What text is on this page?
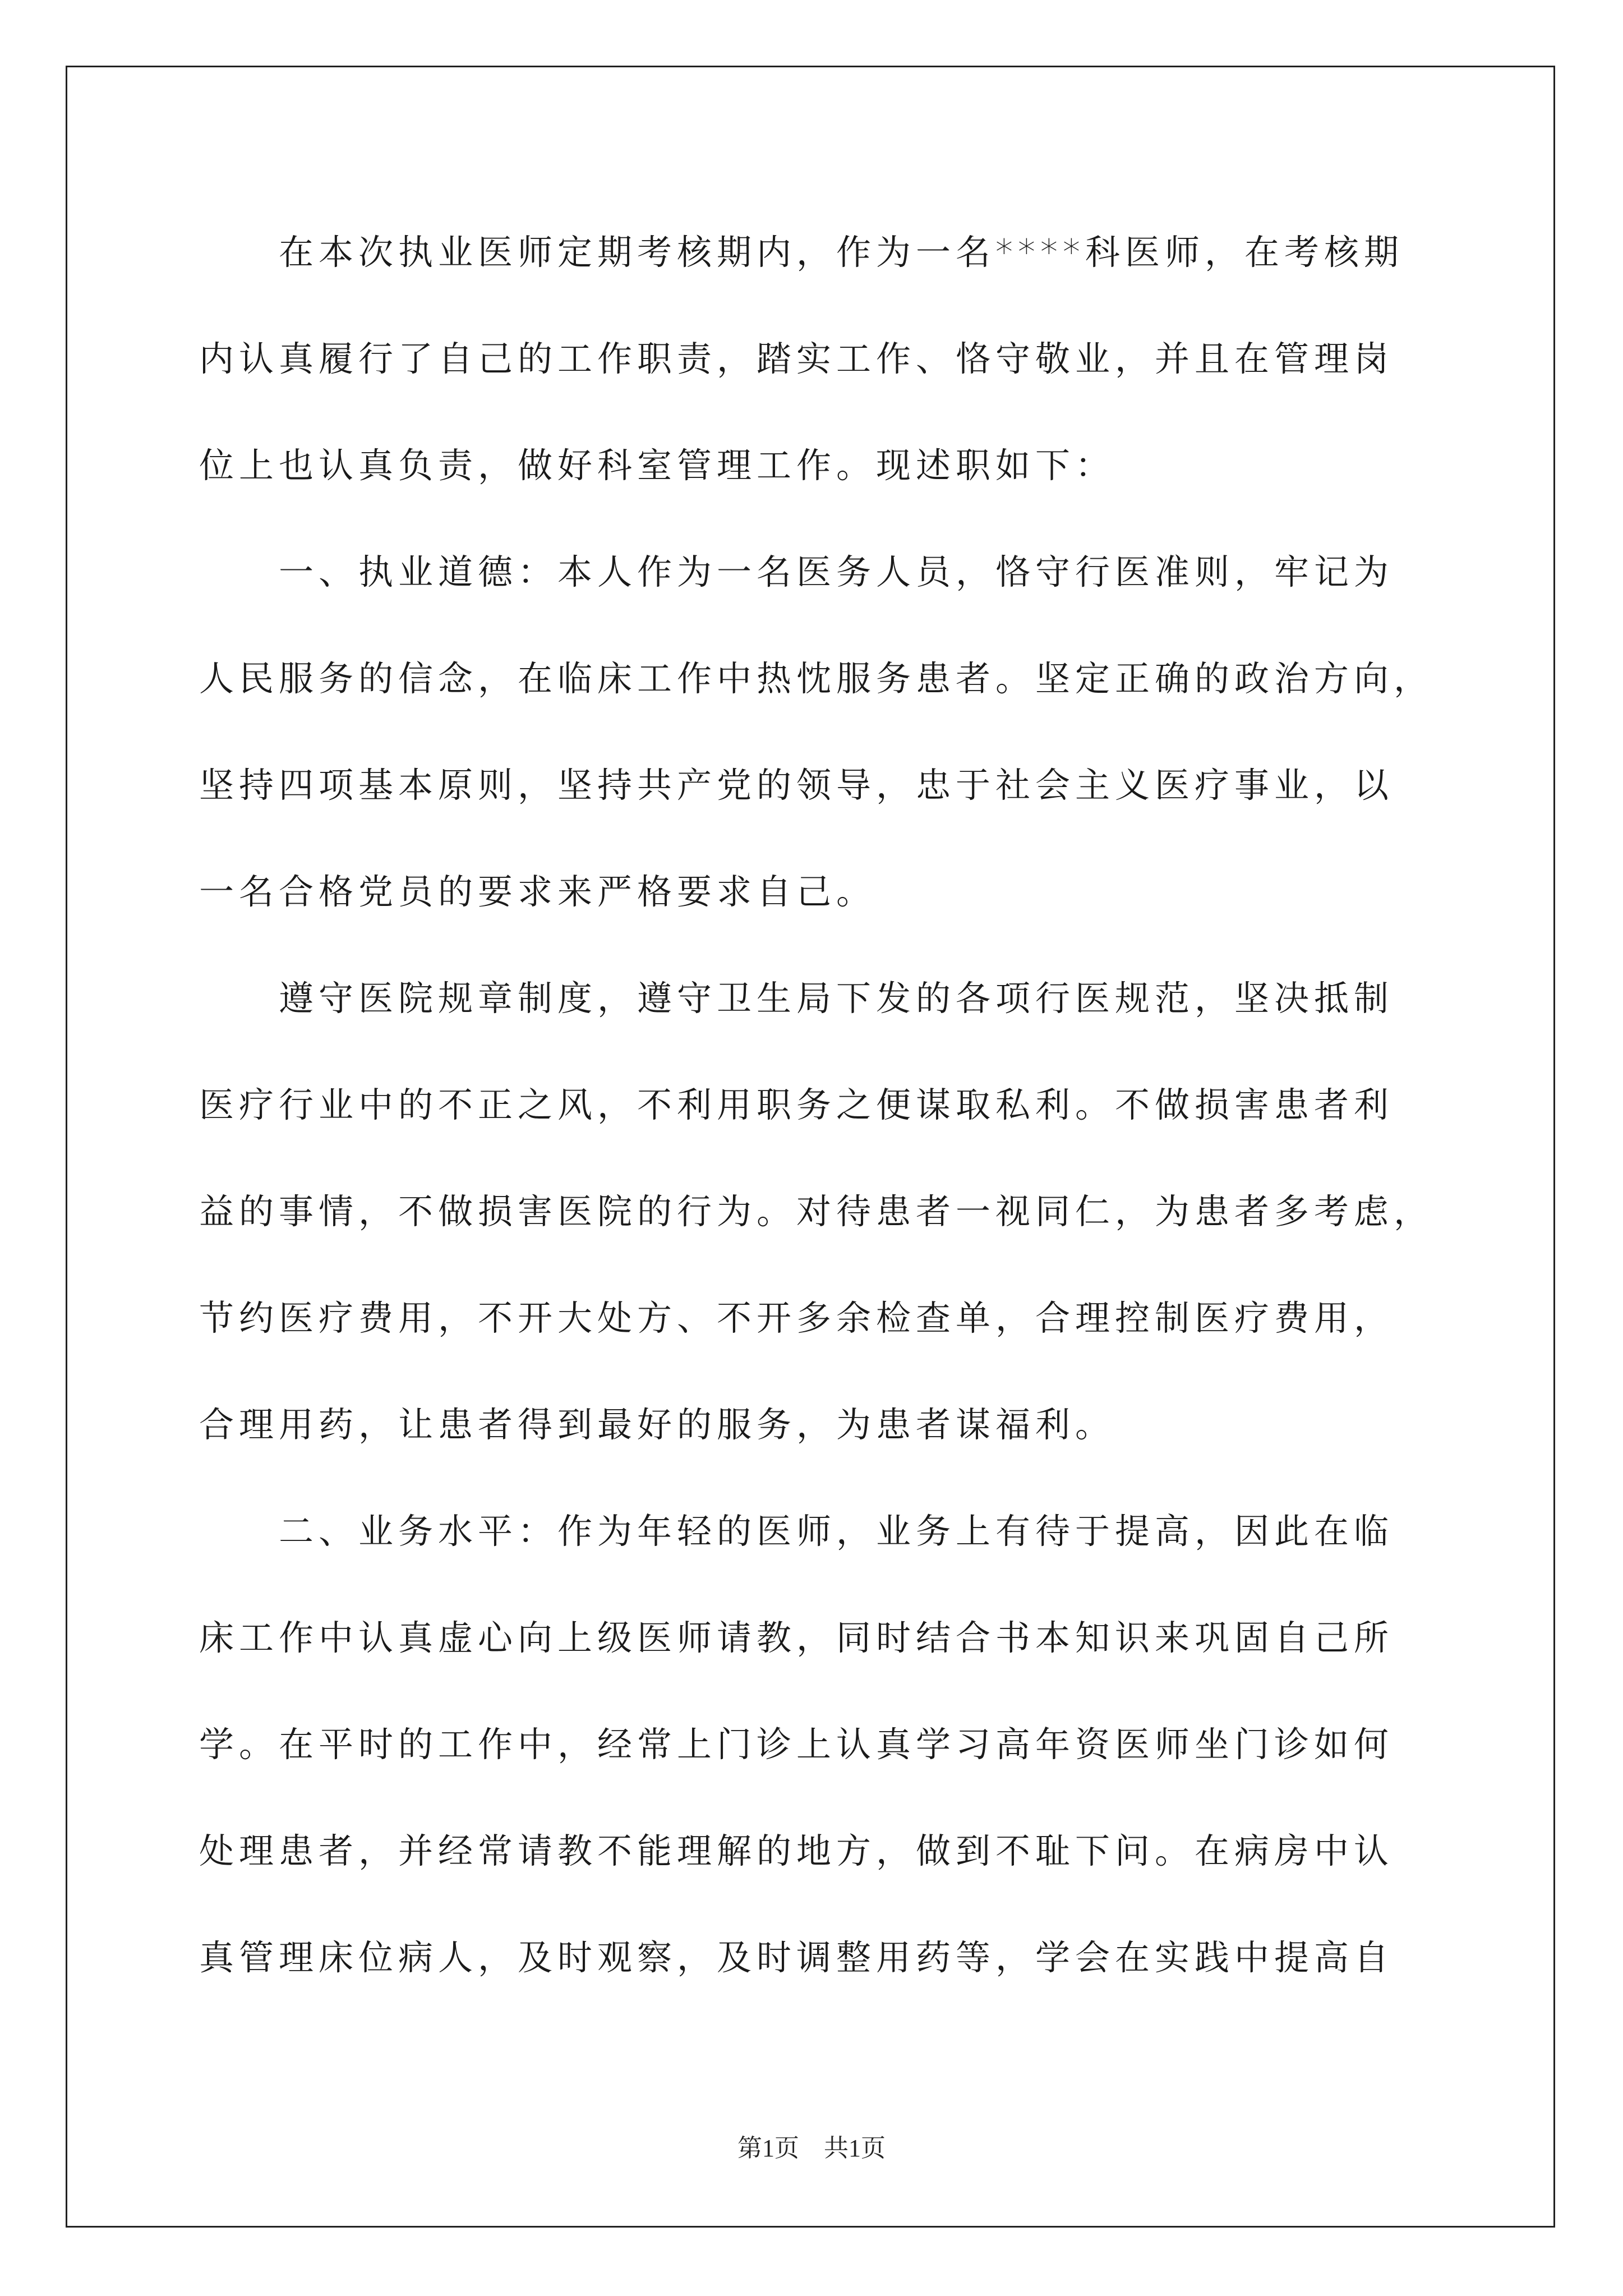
　　在本次执业医师定期考核期内，作为一名****科医师，在考核期
内认真履行了自己的工作职责，踏实工作、恪守敬业，并且在管理岗
位上也认真负责，做好科室管理工作。现述职如下：
　　一、执业道德：本人作为一名医务人员，恪守行医准则，牢记为
人民服务的信念，在临床工作中热忱服务患者。坚定正确的政治方向，
坚持四项基本原则，坚持共产党的领导，忠于社会主义医疗事业，以
一名合格党员的要求来严格要求自己。
　　遵守医院规章制度，遵守卫生局下发的各项行医规范，坚决抵制
医疗行业中的不正之风，不利用职务之便谋取私利。不做损害患者利
益的事情，不做损害医院的行为。对待患者一视同仁，为患者多考虑，
节约医疗费用，不开大处方、不开多余检查单，合理控制医疗费用，
合理用药，让患者得到最好的服务，为患者谋福利。
　　二、业务水平：作为年轻的医师，业务上有待于提高，因此在临
床工作中认真虚心向上级医师请教，同时结合书本知识来巩固自己所
学。在平时的工作中，经常上门诊上认真学习高年资医师坐门诊如何
处理患者，并经常请教不能理解的地方，做到不耻下问。在病房中认
真管理床位病人，及时观察，及时调整用药等，学会在实践中提高自
第1页　共1页
